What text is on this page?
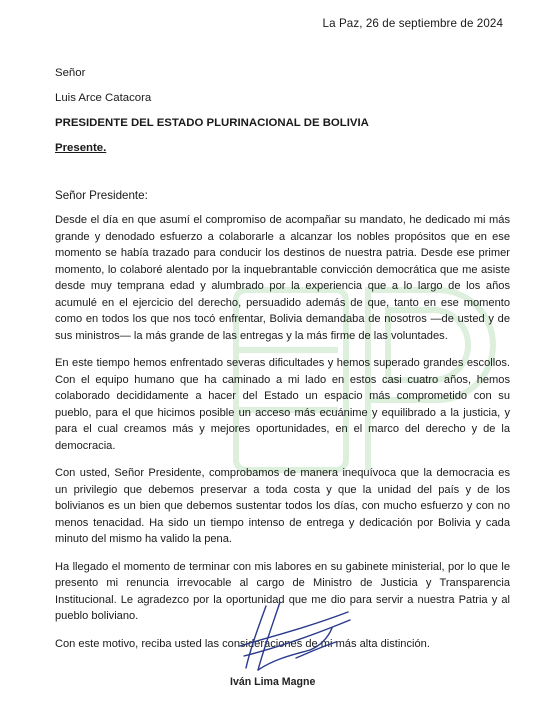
La Paz, 26 de septiembre de 2024
Señor
Luis Arce Catacora
PRESIDENTE DEL ESTADO PLURINACIONAL DE BOLIVIA
Presente.
Señor Presidente:

Desde el día en que asumí el compromiso de acompañar su mandato, he dedicado mi más grande y denodado esfuerzo a colaborarle a alcanzar los nobles propósitos que en ese momento se había trazado para conducir los destinos de nuestra patria. Desde ese primer momento, lo colaboré alentado por la inquebrantable convicción democrática que me asiste desde muy temprana edad y alumbrado por la experiencia que a lo largo de los años acumulé en el ejercicio del derecho, persuadido además de que, tanto en ese momento como en todos los que nos tocó enfrentar, Bolivia demandaba de nosotros —de usted y de sus ministros— la más grande de las entregas y la más firme de las voluntades.

En este tiempo hemos enfrentado severas dificultades y hemos superado grandes escollos. Con el equipo humano que ha caminado a mi lado en estos casi cuatro años, hemos colaborado decididamente a hacer del Estado un espacio más comprometido con su pueblo, para el que hicimos posible un acceso más ecuánime y equilibrado a la justicia, y para el cual creamos más y mejores oportunidades, en el marco del derecho y de la democracia.

Con usted, Señor Presidente, comprobamos de manera inequívoca que la democracia es un privilegio que debemos preservar a toda costa y que la unidad del país y de los bolivianos es un bien que debemos sustentar todos los días, con mucho esfuerzo y con no menos tenacidad. Ha sido un tiempo intenso de entrega y dedicación por Bolivia y cada minuto del mismo ha valido la pena.

Ha llegado el momento de terminar con mis labores en su gabinete ministerial, por lo que le presento mi renuncia irrevocable al cargo de Ministro de Justicia y Transparencia Institucional. Le agradezco por la oportunidad que me dio para servir a nuestra Patria y al pueblo boliviano.

Con este motivo, reciba usted las consideraciones de mi más alta distinción.

Iván Lima Magne
